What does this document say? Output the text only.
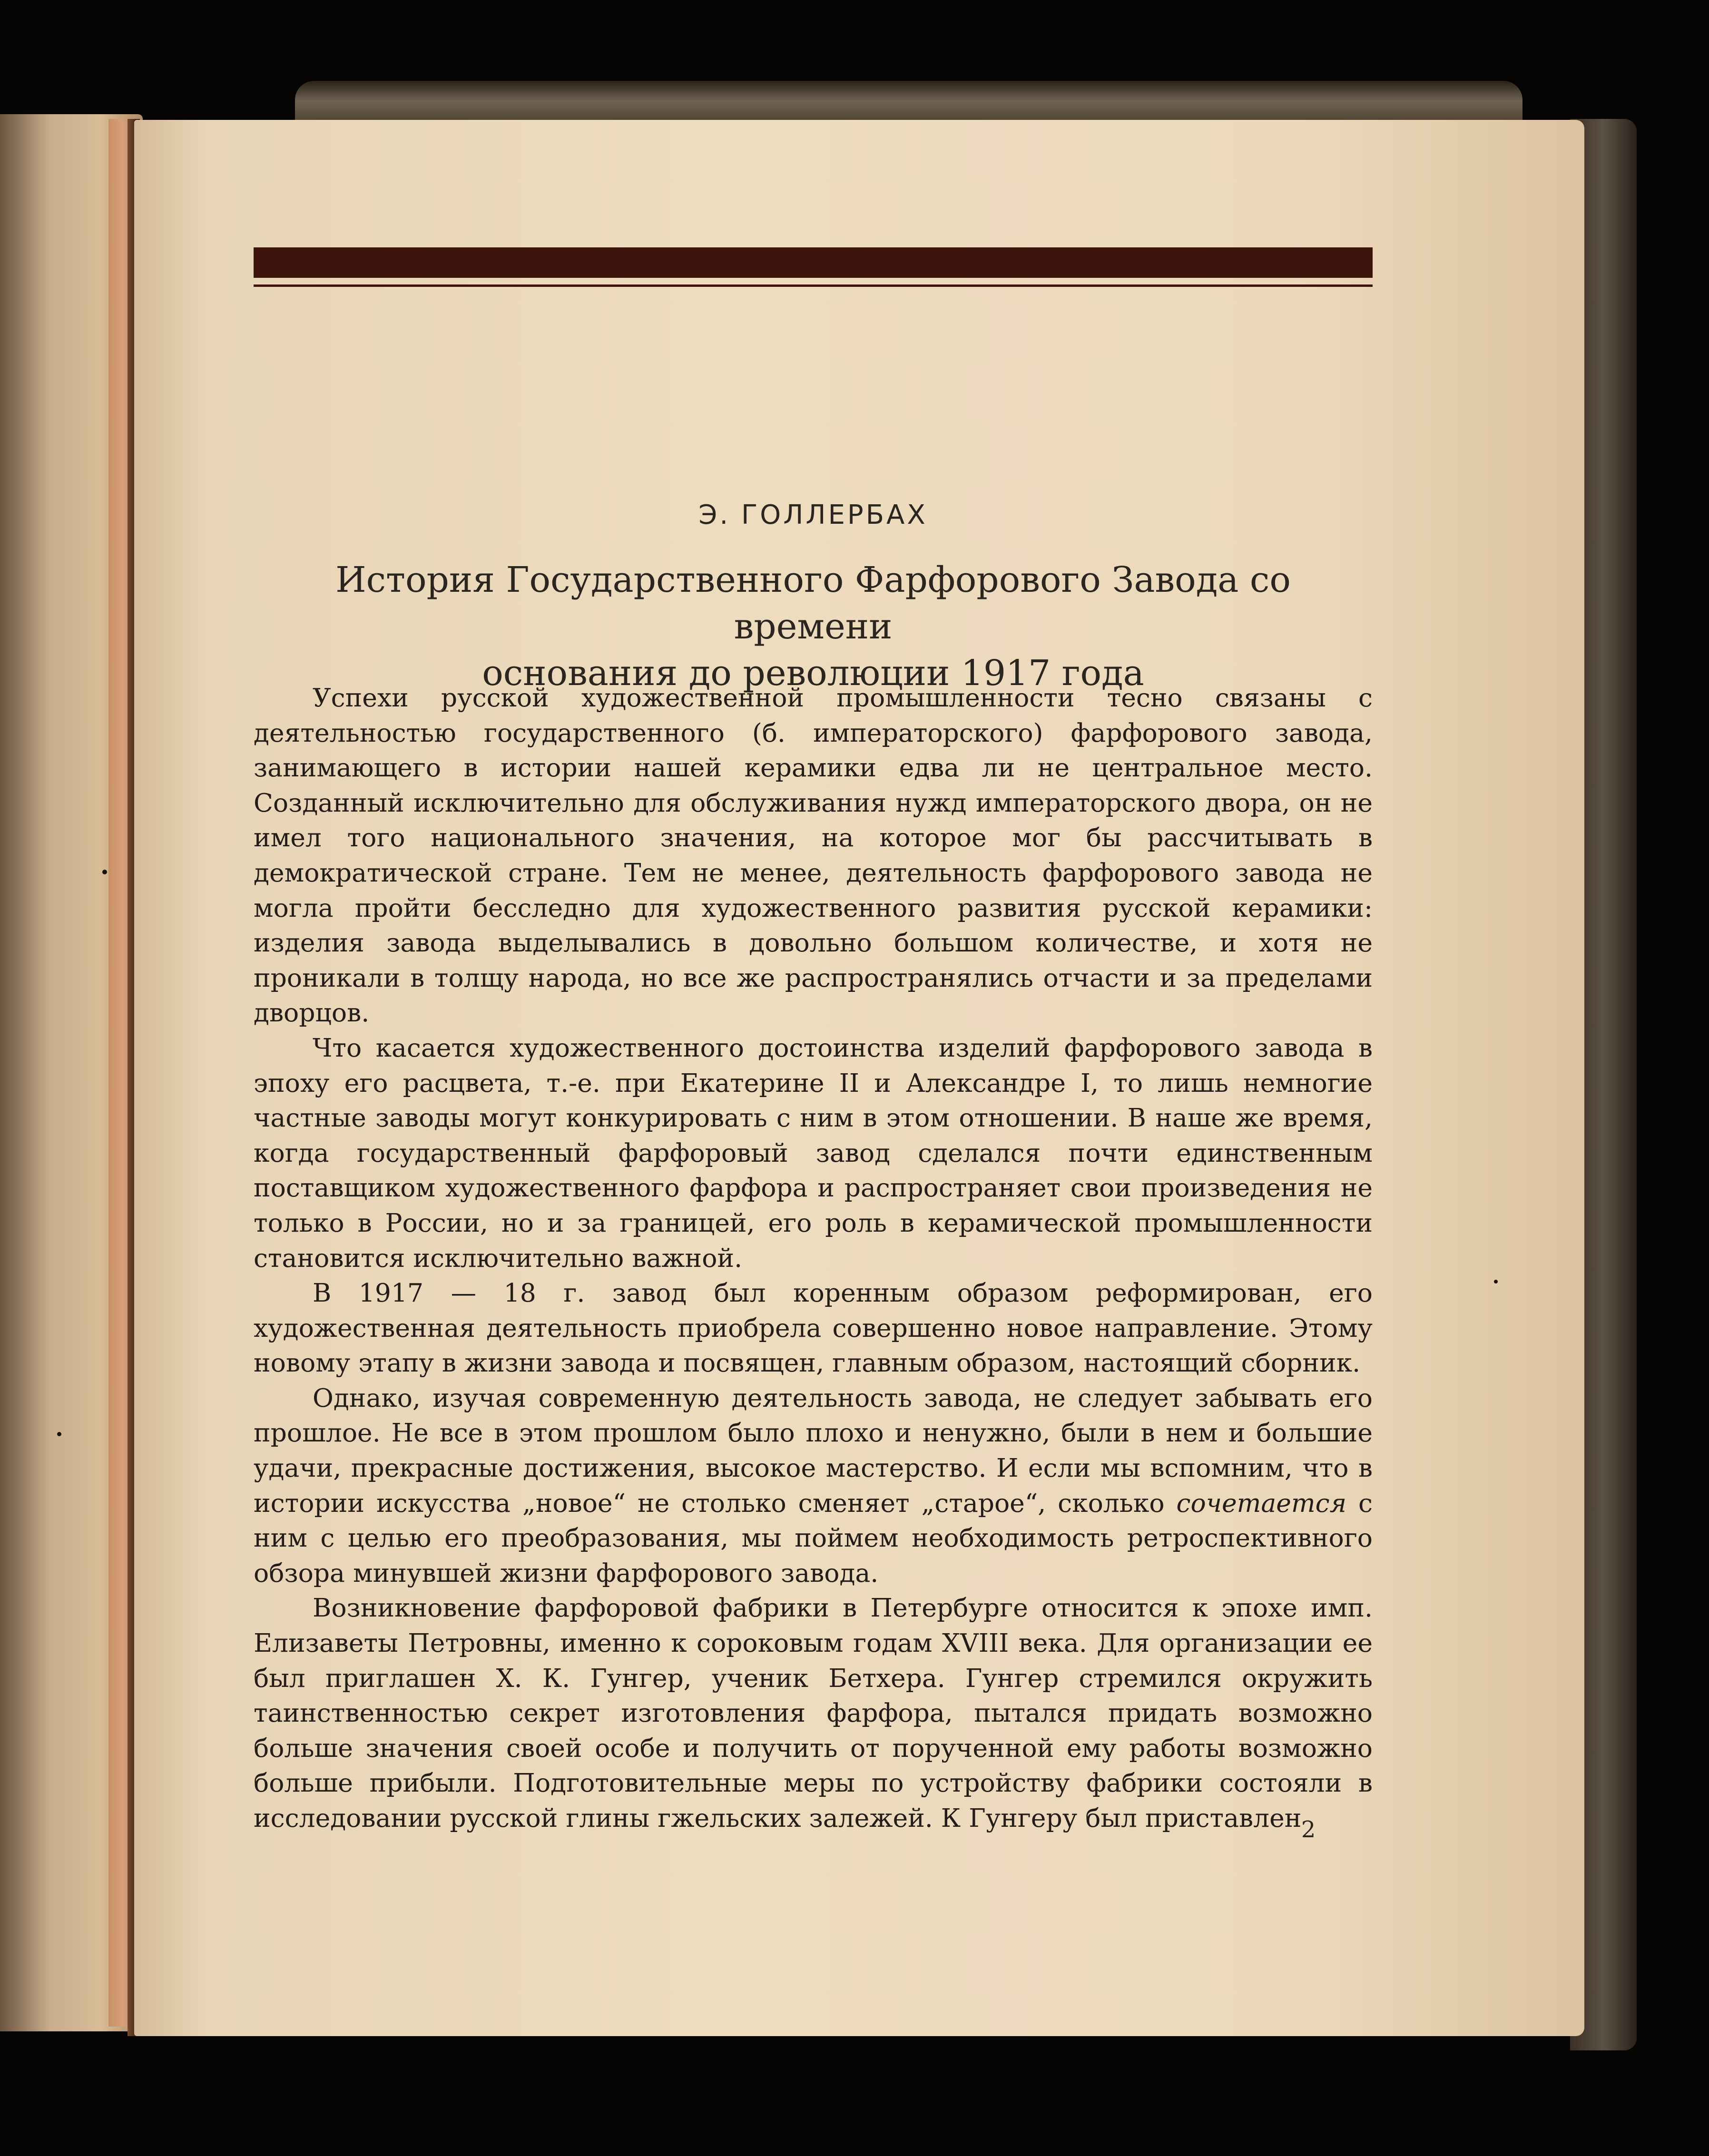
Э. ГОЛЛЕРБАХ
История Государственного Фарфорового Завода со времени
основания до революции 1917 года

Успехи русской художественной промышленности тесно связаны с деятельностью государственного (б. императорского) фарфорового завода, занимающего в истории нашей керамики едва ли не центральное место. Созданный исключительно для обслуживания нужд императорского двора, он не имел того национального значения, на которое мог бы рассчитывать в демократической стране. Тем не менее, деятельность фарфорового завода не могла пройти бесследно для художественного развития русской керамики: изделия завода выделывались в довольно большом количестве, и хотя не проникали в толщу народа, но все же распространялись отчасти и за пределами дворцов.

Что касается художественного достоинства изделий фарфорового завода в эпоху его расцвета, т.-е. при Екатерине II и Александре I, то лишь немногие частные заводы могут конкурировать с ним в этом отношении. В наше же время, когда государственный фарфоровый завод сделался почти единственным поставщиком художественного фарфора и распространяет свои произведения не только в России, но и за границей, его роль в керамической промышленности становится исключительно важной.

В 1917 — 18 г. завод был коренным образом реформирован, его художественная деятельность приобрела совершенно новое направление. Этому новому этапу в жизни завода и посвящен, главным образом, настоящий сборник.

Однако, изучая современную деятельность завода, не следует забывать его прошлое. Не все в этом прошлом было плохо и ненужно, были в нем и большие удачи, прекрасные достижения, высокое мастерство. И если мы вспомним, что в истории искусства „новое“ не столько сменяет „старое“, сколько сочетается с ним с целью его преобразования, мы поймем необходимость ретроспективного обзора минувшей жизни фарфорового завода.

Возникновение фарфоровой фабрики в Петербурге относится к эпохе имп. Елизаветы Петровны, именно к сороковым годам XVIII века. Для организации ее был приглашен Х. К. Гунгер, ученик Бетхера. Гунгер стремился окружить таинственностью секрет изготовления фарфора, пытался придать возможно больше значения своей особе и получить от порученной ему работы возможно больше прибыли. Подготовительные меры по устройству фабрики состояли в исследовании русской глины гжельских залежей. К Гунгеру был приставлен 2
